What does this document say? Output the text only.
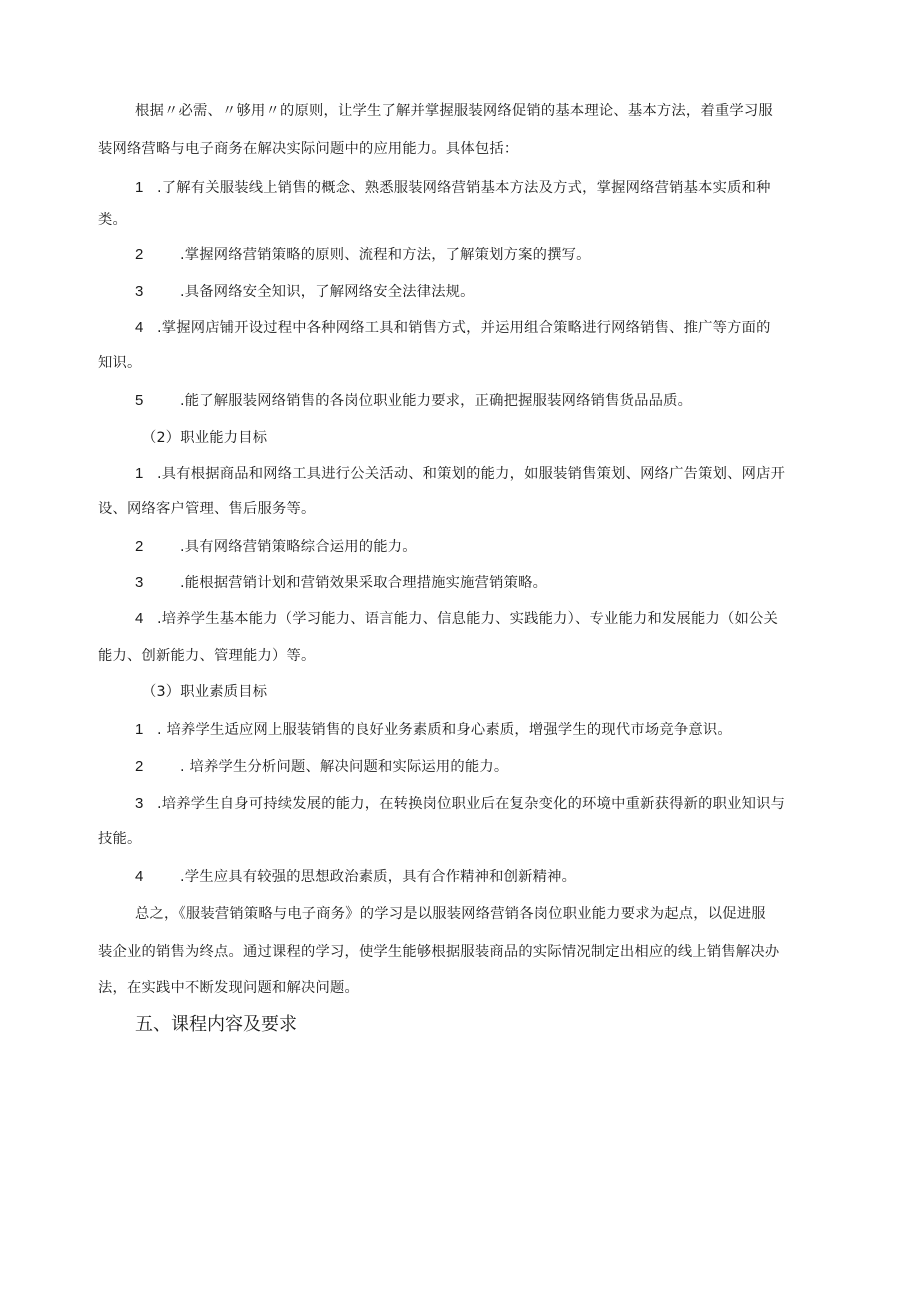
根据〃必需、〃够用〃的原则，让学生了解并掌握服装网络促销的基本理论、基本方法，着重学习服
装网络营略与电子商务在解决实际问题中的应用能力。具体包括：
1 .了解有关服装线上销售的概念、熟悉服装网络营销基本方法及方式，掌握网络营销基本实质和种
类。
2	.掌握网络营销策略的原则、流程和方法，了解策划方案的撰写。
3	.具备网络安全知识，了解网络安全法律法规。
4 .掌握网店铺开设过程中各种网络工具和销售方式，并运用组合策略进行网络销售、推广等方面的
知识。
5	.能了解服装网络销售的各岗位职业能力要求，正确把握服装网络销售货品品质。
（2）职业能力目标
1 .具有根据商品和网络工具进行公关活动、和策划的能力，如服装销售策划、网络广告策划、网店开
设、网络客户管理、售后服务等。
2	.具有网络营销策略综合运用的能力。
3	.能根据营销计划和营销效果采取合理措施实施营销策略。
4 .培养学生基本能力（学习能力、语言能力、信息能力、实践能力）、专业能力和发展能力（如公关
能力、创新能力、管理能力）等。
（3）职业素质目标
1 . 培养学生适应网上服装销售的良好业务素质和身心素质，增强学生的现代市场竞争意识。
2	. 培养学生分析问题、解决问题和实际运用的能力。
3 .培养学生自身可持续发展的能力，在转换岗位职业后在复杂变化的环境中重新获得新的职业知识与
技能。
4	.学生应具有较强的思想政治素质，具有合作精神和创新精神。
总之，《服装营销策略与电子商务》的学习是以服装网络营销各岗位职业能力要求为起点，以促进服
装企业的销售为终点。通过课程的学习，使学生能够根据服装商品的实际情况制定出相应的线上销售解决办
法，在实践中不断发现问题和解决问题。
五、课程内容及要求
